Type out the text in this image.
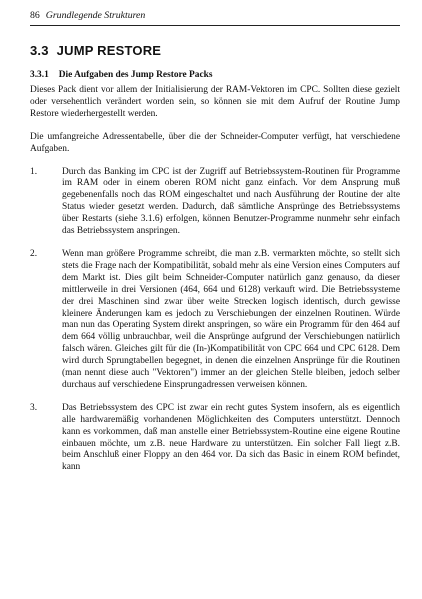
86 Grundlegende Strukturen
3.3 JUMP RESTORE
3.3.1 Die Aufgaben des Jump Restore Packs

Dieses Pack dient vor allem der Initialisierung der RAM-Vektoren im CPC. Sollten diese gezielt oder versehentlich verändert worden sein, so können sie mit dem Aufruf der Routine Jump Restore wiederhergestellt werden.

Die umfangreiche Adressentabelle, über die der Schneider-Computer verfügt, hat verschiedene Aufgaben.

1.	Durch das Banking im CPC ist der Zugriff auf Betriebssystem-Routinen für Programme im RAM oder in einem oberen ROM nicht ganz einfach. Vor dem Ansprung muß gegebenenfalls noch das ROM eingeschaltet und nach Ausführung der Routine der alte Status wieder gesetzt werden. Dadurch, daß sämtliche Ansprünge des Betriebssystems über Restarts (siehe 3.1.6) erfolgen, können Benutzer-Programme nunmehr sehr einfach das Betriebssystem anspringen.

2.	Wenn man größere Programme schreibt, die man z.B. vermarkten möchte, so stellt sich stets die Frage nach der Kompatibilität, sobald mehr als eine Version eines Computers auf dem Markt ist. Dies gilt beim Schneider-Computer natürlich ganz genauso, da dieser mittlerweile in drei Versionen (464, 664 und 6128) verkauft wird. Die Betriebssysteme der drei Maschinen sind zwar über weite Strecken logisch identisch, durch gewisse kleinere Änderungen kam es jedoch zu Verschiebungen der einzelnen Routinen. Würde man nun das Operating System direkt anspringen, so wäre ein Programm für den 464 auf dem 664 völlig unbrauchbar, weil die Ansprünge aufgrund der Verschiebungen natürlich falsch wären. Gleiches gilt für die (In-)Kompatibilität von CPC 664 und CPC 6128. Dem wird durch Sprungtabellen begegnet, in denen die einzelnen Ansprünge für die Routinen (man nennt diese auch "Vektoren") immer an der gleichen Stelle bleiben, jedoch selber durchaus auf verschiedene Einsprungadressen verweisen können.

3.	Das Betriebssystem des CPC ist zwar ein recht gutes System insofern, als es eigentlich alle hardwaremäßig vorhandenen Möglichkeiten des Computers unterstützt. Dennoch kann es vorkommen, daß man anstelle einer Betriebssystem-Routine eine eigene Routine einbauen möchte, um z.B. neue Hardware zu unterstützen. Ein solcher Fall liegt z.B. beim Anschluß einer Floppy an den 464 vor. Da sich das Basic in einem ROM befindet, kann
